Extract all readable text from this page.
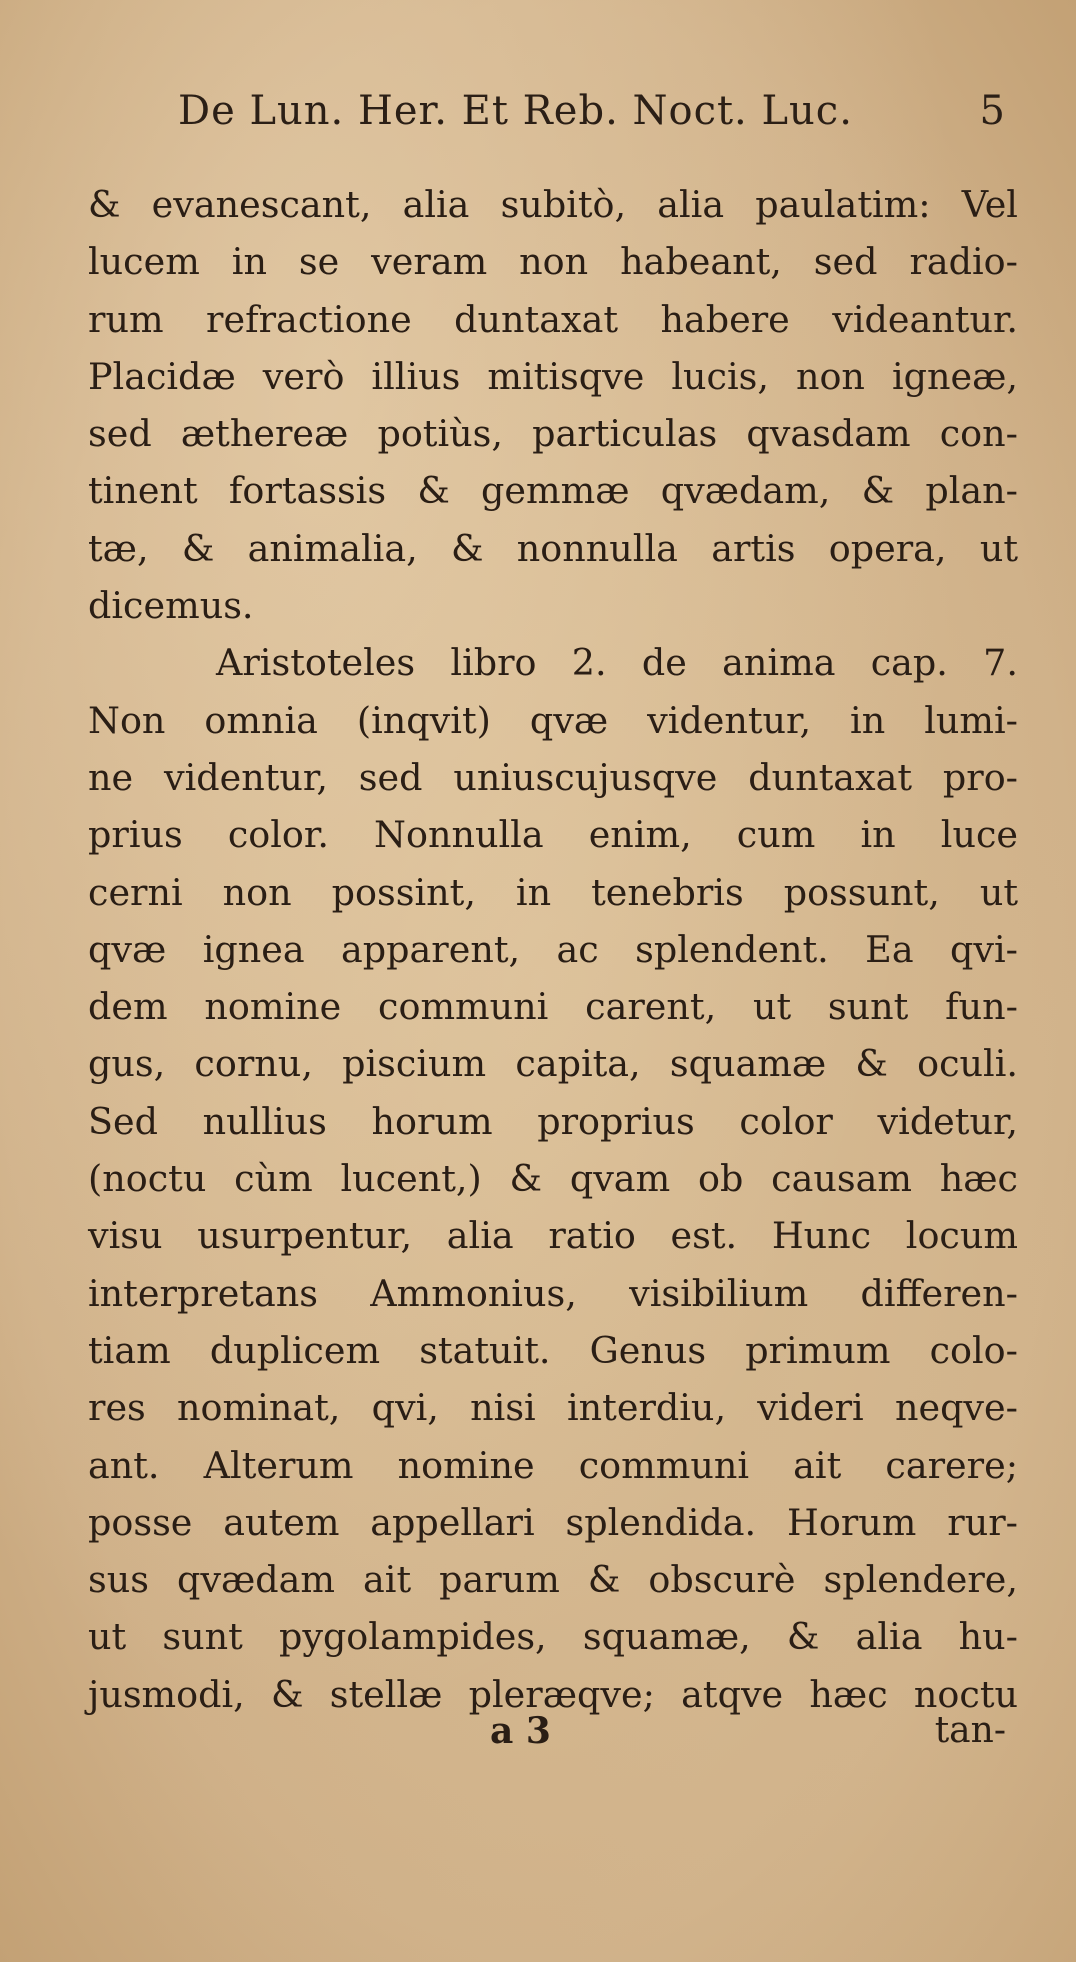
De Lun. Her. Et Reb. Noct. Luc.	5
& evanescant, alia subitò, alia paulatim: Vel
lucem in se veram non habeant, sed radio-
rum refractione duntaxat habere videantur.
Placidæ verò illius mitisqve lucis, non igneæ,
sed æthereæ potiùs, particulas qvasdam con-
tinent fortassis & gemmæ qvædam, & plan-
tæ, & animalia, & nonnulla artis opera, ut
dicemus.
Aristoteles libro 2. de anima cap. 7.
Non omnia (inqvit) qvæ videntur, in lumi-
ne videntur, sed uniuscujusqve duntaxat pro-
prius color. Nonnulla enim, cum in luce
cerni non possint, in tenebris possunt, ut
qvæ ignea apparent, ac splendent. Ea qvi-
dem nomine communi carent, ut sunt fun-
gus, cornu, piscium capita, squamæ & oculi.
Sed nullius horum proprius color videtur,
(noctu cùm lucent,) & qvam ob causam hæc
visu usurpentur, alia ratio est. Hunc locum
interpretans Ammonius, visibilium differen-
tiam duplicem statuit. Genus primum colo-
res nominat, qvi, nisi interdiu, videri neqve-
ant. Alterum nomine communi ait carere;
posse autem appellari splendida. Horum rur-
sus qvædam ait parum & obscurè splendere,
ut sunt pygolampides, squamæ, & alia hu-
jusmodi, & stellæ pleræqve; atqve hæc noctu
a 3	tan-
